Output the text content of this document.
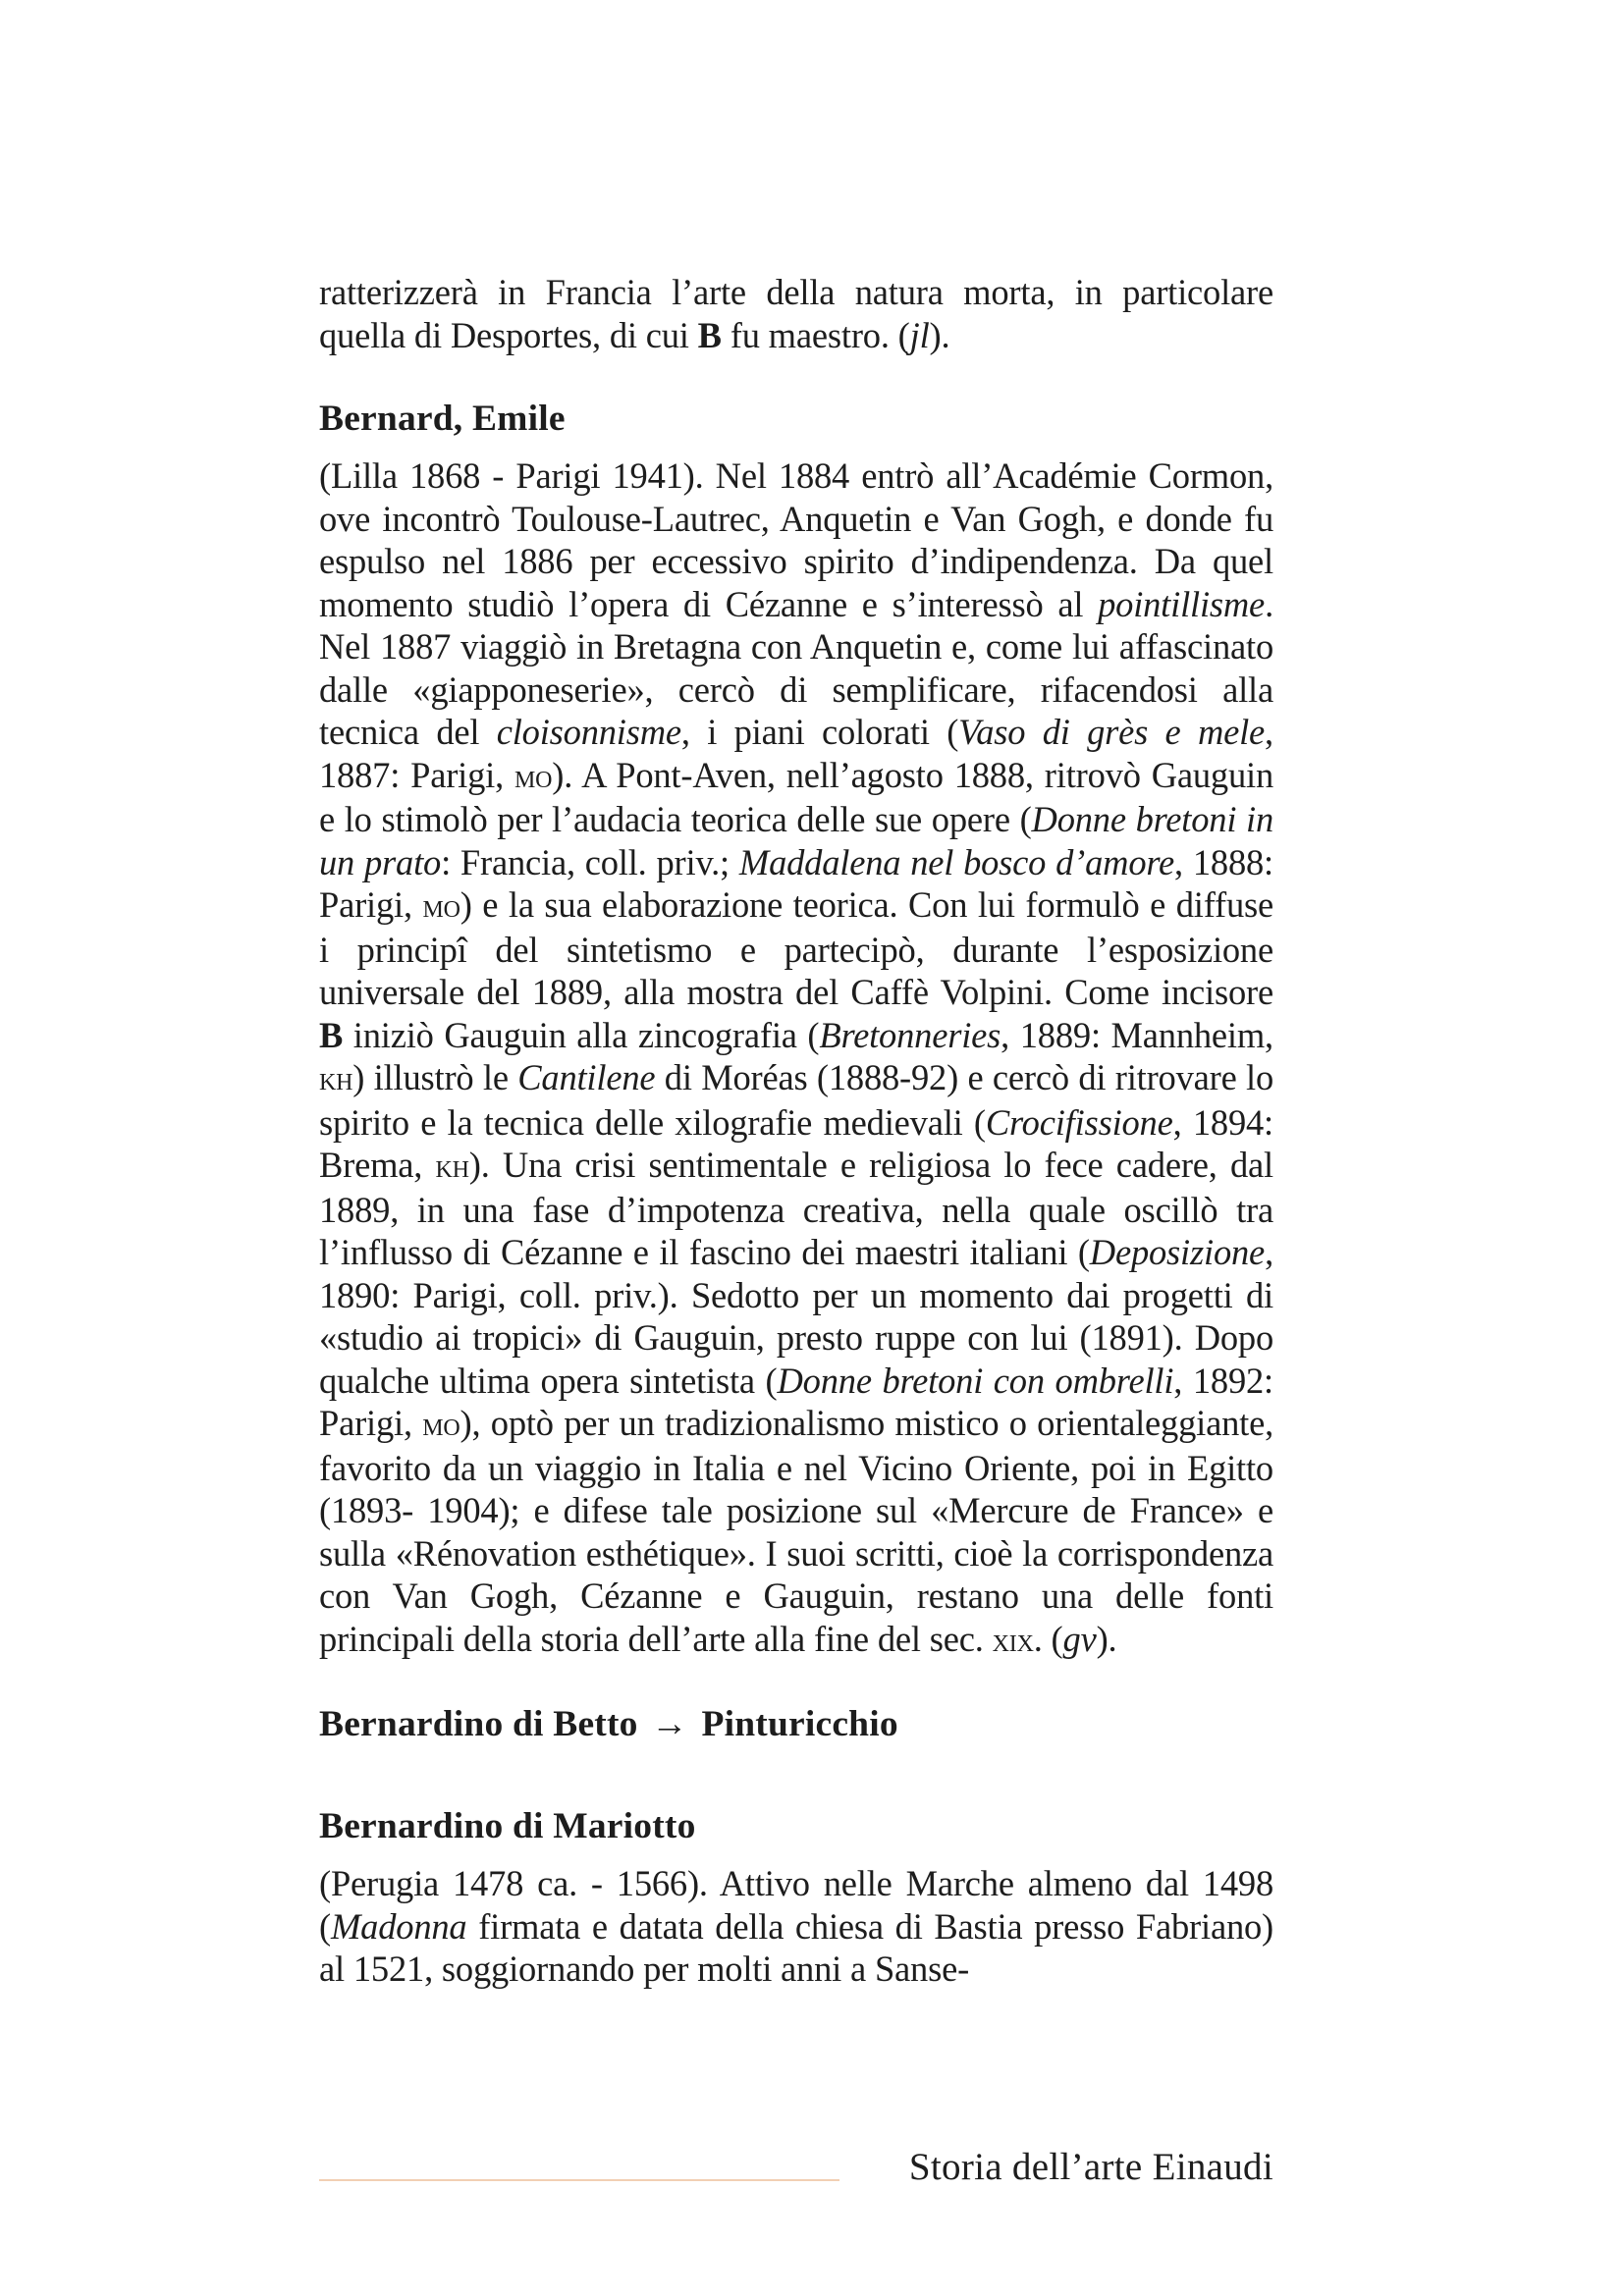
ratterizzerà in Francia l’arte della natura morta, in particolare quella di Desportes, di cui B fu maestro. (jl).

Bernard, Emile

(Lilla 1868 - Parigi 1941). Nel 1884 entrò all’Académie Cormon, ove incontrò Toulouse-Lautrec, Anquetin e Van Gogh, e donde fu espulso nel 1886 per eccessivo spirito d’indipendenza. Da quel momento studiò l’opera di Cézanne e s’interessò al pointillisme. Nel 1887 viaggiò in Bretagna con Anquetin e, come lui affascinato dalle «giapponeserie», cercò di semplificare, rifacendosi alla tecnica del cloisonnisme, i piani colorati (Vaso di grès e mele, 1887: Parigi, mo). A Pont-Aven, nell’agosto 1888, ritrovò Gauguin e lo stimolò per l’audacia teorica delle sue opere (Donne bretoni in un prato: Francia, coll. priv.; Maddalena nel bosco d’amore, 1888: Parigi, mo) e la sua elaborazione teorica. Con lui formulò e diffuse i principî del sintetismo e partecipò, durante l’esposizione universale del 1889, alla mostra del Caffè Volpini. Come incisore B iniziò Gauguin alla zincografia (Bretonneries, 1889: Mannheim, kh) illustrò le Cantilene di Moréas (1888-92) e cercò di ritrovare lo spirito e la tecnica delle xilografie medievali (Crocifissione, 1894: Brema, kh). Una crisi sentimentale e religiosa lo fece cadere, dal 1889, in una fase d’impotenza creativa, nella quale oscillò tra l’influsso di Cézanne e il fascino dei maestri italiani (Deposizione, 1890: Parigi, coll. priv.). Sedotto per un momento dai progetti di «studio ai tropici» di Gauguin, presto ruppe con lui (1891). Dopo qualche ultima opera sintetista (Donne bretoni con ombrelli, 1892: Parigi, mo), optò per un tradizionalismo mistico o orientaleggiante, favorito da un viaggio in Italia e nel Vicino Oriente, poi in Egitto (1893- 1904); e difese tale posizione sul «Mercure de France» e sulla «Rénovation esthétique». I suoi scritti, cioè la corrispondenza con Van Gogh, Cézanne e Gauguin, restano una delle fonti principali della storia dell’arte alla fine del sec. xix. (gv).

Bernardino di Betto → Pinturicchio
Bernardino di Mariotto

(Perugia 1478 ca. - 1566). Attivo nelle Marche almeno dal 1498 (Madonna firmata e datata della chiesa di Bastia presso Fabriano) al 1521, soggiornando per molti anni a Sanse-

Storia dell’arte Einaudi
